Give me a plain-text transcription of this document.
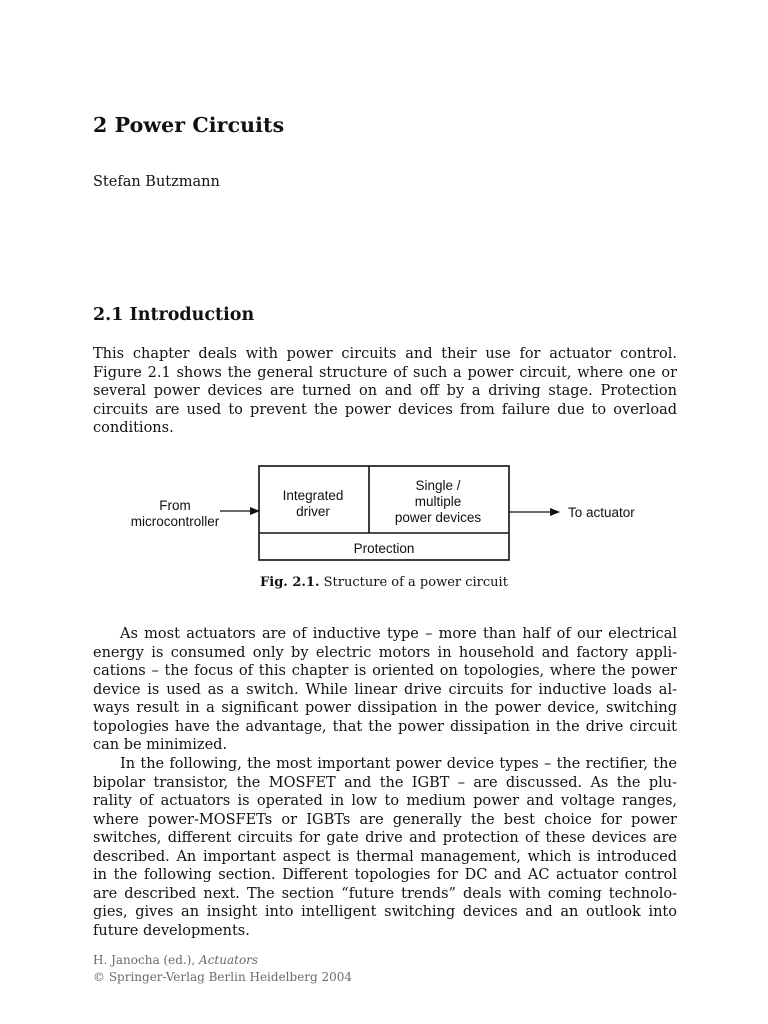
2 Power Circuits
Stefan Butzmann
2.1 Introduction
This chapter deals with power circuits and their use for actuator control.
Figure 2.1 shows the general structure of such a power circuit, where one or
several power devices are turned on and off by a driving stage. Protection
circuits are used to prevent the power devices from failure due to overload
conditions.
From
microcontroller
Integrated
driver
Single /
multiple
power devices
Protection
To actuator
Fig. 2.1. Structure of a power circuit
As most actuators are of inductive type – more than half of our electrical
energy is consumed only by electric motors in household and factory appli-
cations – the focus of this chapter is oriented on topologies, where the power
device is used as a switch. While linear drive circuits for inductive loads al-
ways result in a significant power dissipation in the power device, switching
topologies have the advantage, that the power dissipation in the drive circuit
can be minimized.
In the following, the most important power device types – the rectifier, the
bipolar transistor, the MOSFET and the IGBT – are discussed. As the plu-
rality of actuators is operated in low to medium power and voltage ranges,
where power-MOSFETs or IGBTs are generally the best choice for power
switches, different circuits for gate drive and protection of these devices are
described. An important aspect is thermal management, which is introduced
in the following section. Different topologies for DC and AC actuator control
are described next. The section “future trends” deals with coming technolo-
gies, gives an insight into intelligent switching devices and an outlook into
future developments.
H. Janocha (ed.), Actuators
© Springer-Verlag Berlin Heidelberg 2004
